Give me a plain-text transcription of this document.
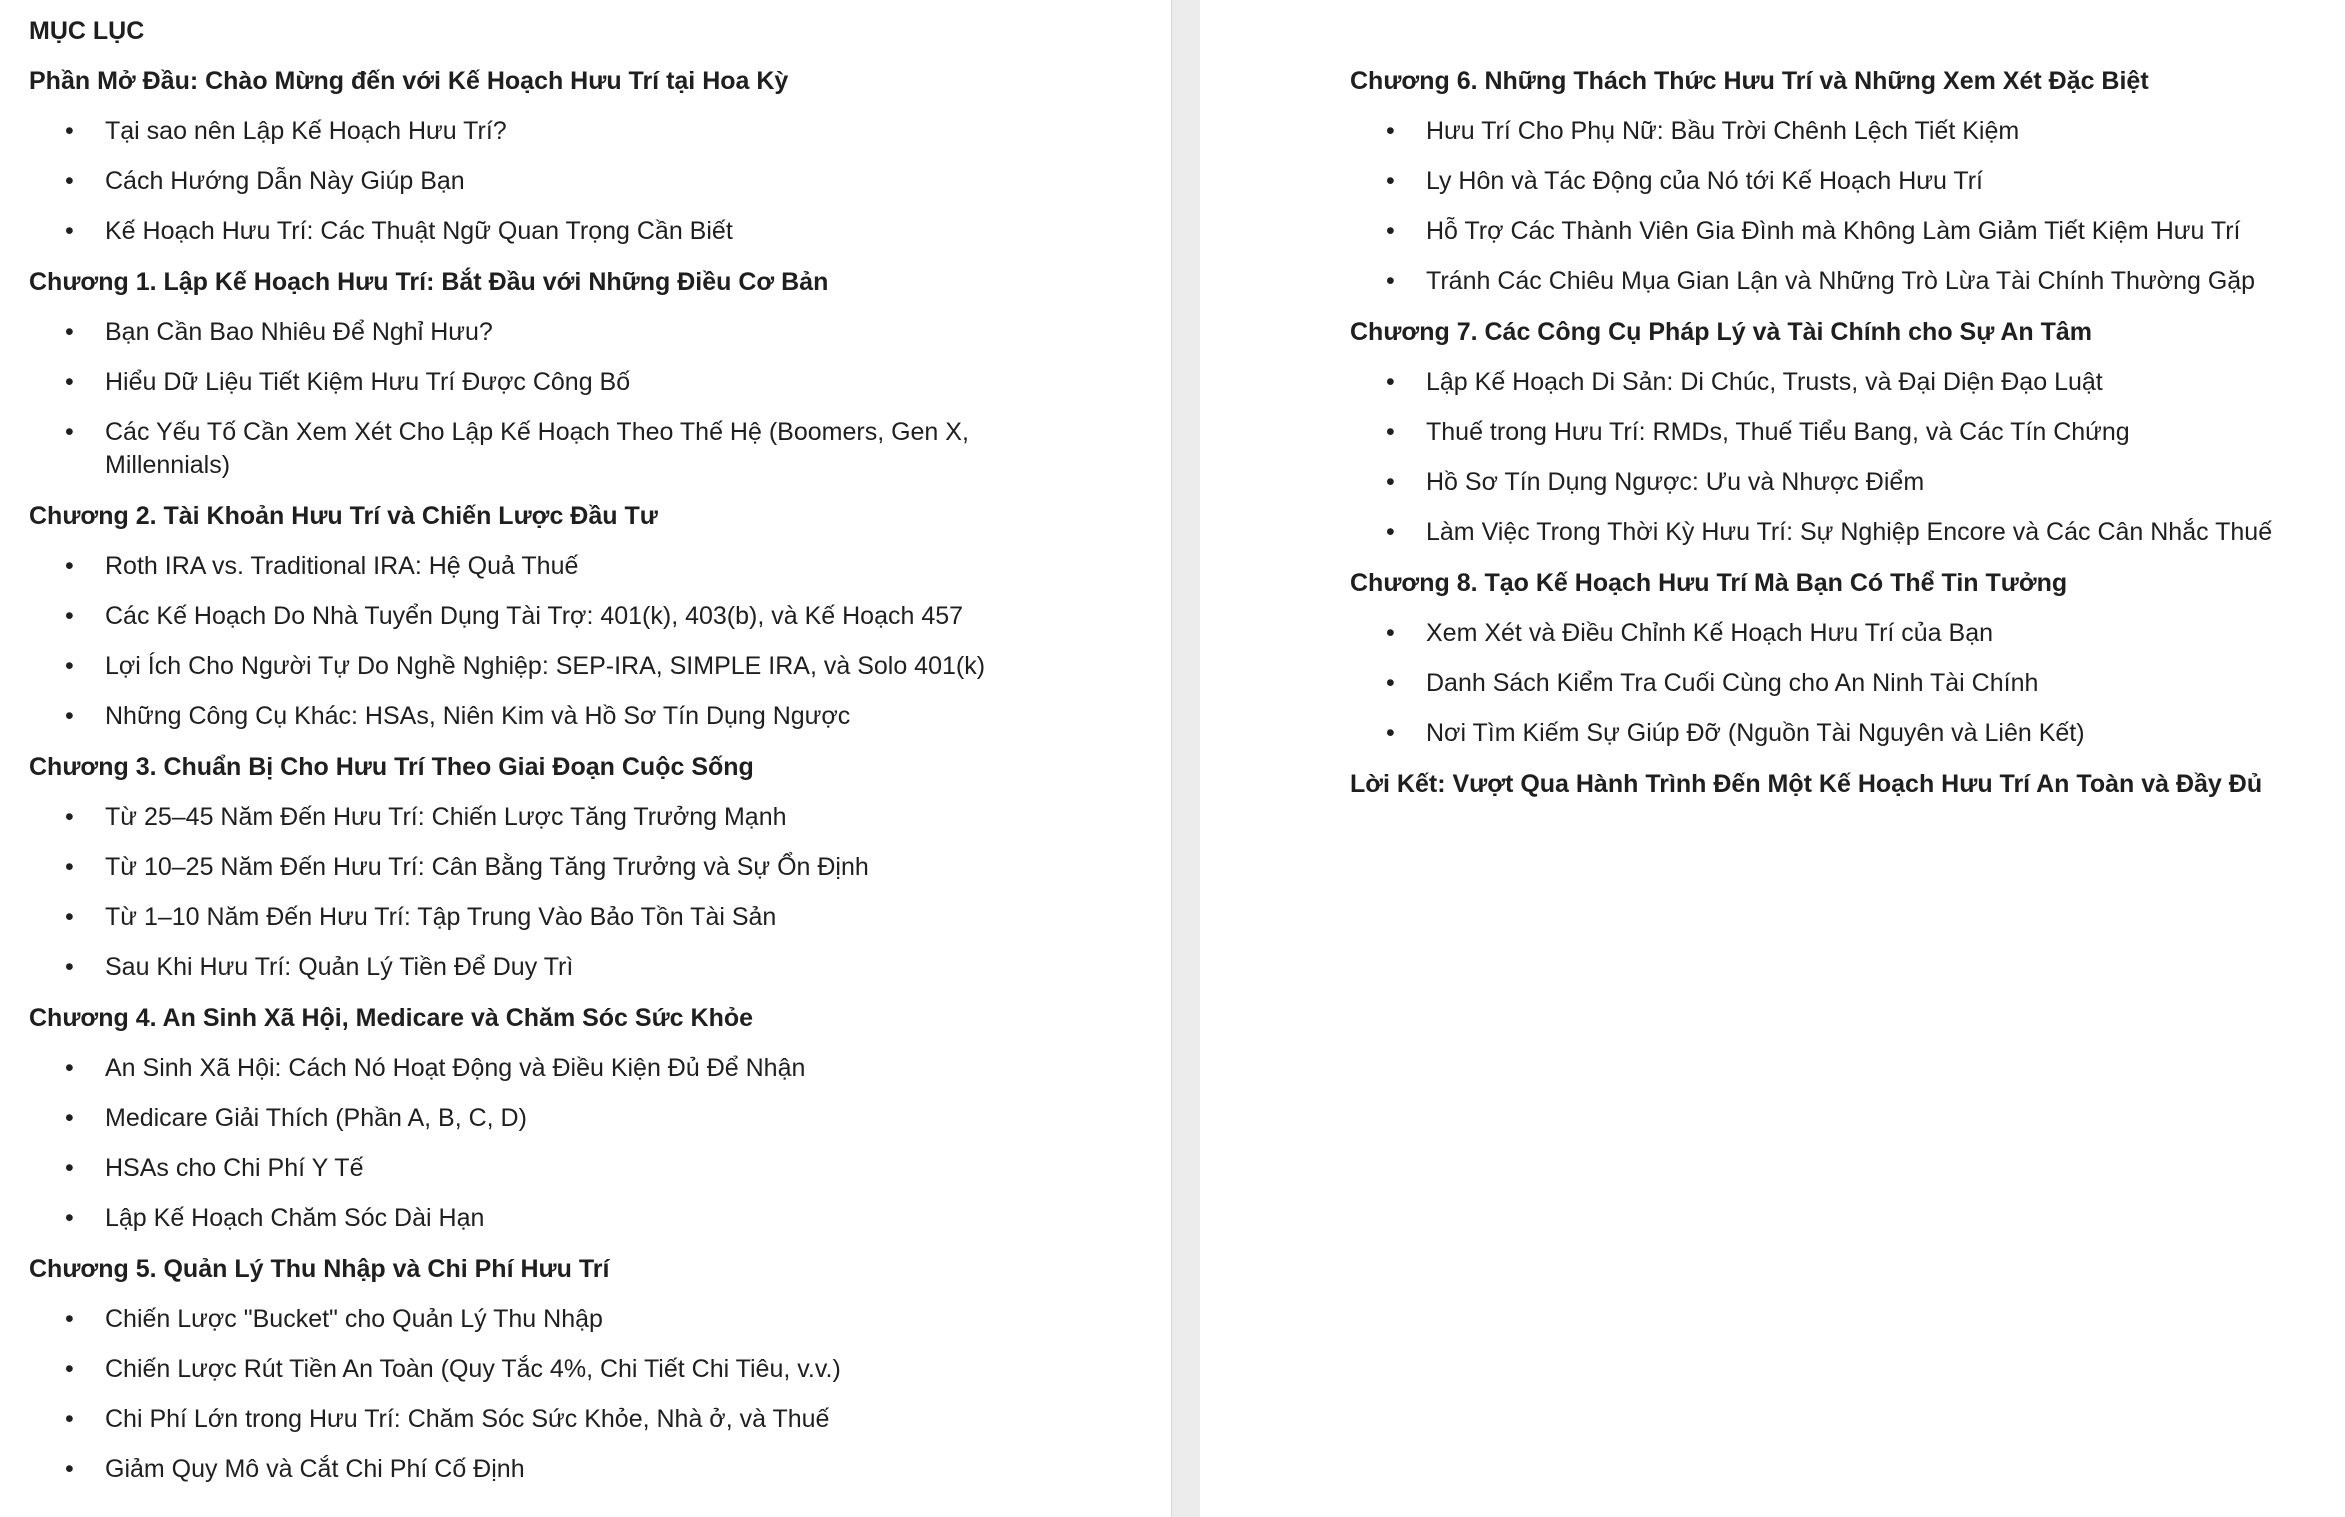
MỤC LỤC
Phần Mở Đầu: Chào Mừng đến với Kế Hoạch Hưu Trí tại Hoa Kỳ
• Tại sao nên Lập Kế Hoạch Hưu Trí?
• Cách Hướng Dẫn Này Giúp Bạn
• Kế Hoạch Hưu Trí: Các Thuật Ngữ Quan Trọng Cần Biết
Chương 1. Lập Kế Hoạch Hưu Trí: Bắt Đầu với Những Điều Cơ Bản
• Bạn Cần Bao Nhiêu Để Nghỉ Hưu?
• Hiểu Dữ Liệu Tiết Kiệm Hưu Trí Được Công Bố
• Các Yếu Tố Cần Xem Xét Cho Lập Kế Hoạch Theo Thế Hệ (Boomers, Gen X, Millennials)
Chương 2. Tài Khoản Hưu Trí và Chiến Lược Đầu Tư
• Roth IRA vs. Traditional IRA: Hệ Quả Thuế
• Các Kế Hoạch Do Nhà Tuyển Dụng Tài Trợ: 401(k), 403(b), và Kế Hoạch 457
• Lợi Ích Cho Người Tự Do Nghề Nghiệp: SEP-IRA, SIMPLE IRA, và Solo 401(k)
• Những Công Cụ Khác: HSAs, Niên Kim và Hồ Sơ Tín Dụng Ngược
Chương 3. Chuẩn Bị Cho Hưu Trí Theo Giai Đoạn Cuộc Sống
• Từ 25–45 Năm Đến Hưu Trí: Chiến Lược Tăng Trưởng Mạnh
• Từ 10–25 Năm Đến Hưu Trí: Cân Bằng Tăng Trưởng và Sự Ổn Định
• Từ 1–10 Năm Đến Hưu Trí: Tập Trung Vào Bảo Tồn Tài Sản
• Sau Khi Hưu Trí: Quản Lý Tiền Để Duy Trì
Chương 4. An Sinh Xã Hội, Medicare và Chăm Sóc Sức Khỏe
• An Sinh Xã Hội: Cách Nó Hoạt Động và Điều Kiện Đủ Để Nhận
• Medicare Giải Thích (Phần A, B, C, D)
• HSAs cho Chi Phí Y Tế
• Lập Kế Hoạch Chăm Sóc Dài Hạn
Chương 5. Quản Lý Thu Nhập và Chi Phí Hưu Trí
• Chiến Lược "Bucket" cho Quản Lý Thu Nhập
• Chiến Lược Rút Tiền An Toàn (Quy Tắc 4%, Chi Tiết Chi Tiêu, v.v.)
• Chi Phí Lớn trong Hưu Trí: Chăm Sóc Sức Khỏe, Nhà ở, và Thuế
• Giảm Quy Mô và Cắt Chi Phí Cố Định
Chương 6. Những Thách Thức Hưu Trí và Những Xem Xét Đặc Biệt
• Hưu Trí Cho Phụ Nữ: Bầu Trời Chênh Lệch Tiết Kiệm
• Ly Hôn và Tác Động của Nó tới Kế Hoạch Hưu Trí
• Hỗ Trợ Các Thành Viên Gia Đình mà Không Làm Giảm Tiết Kiệm Hưu Trí
• Tránh Các Chiêu Mụa Gian Lận và Những Trò Lừa Tài Chính Thường Gặp
Chương 7. Các Công Cụ Pháp Lý và Tài Chính cho Sự An Tâm
• Lập Kế Hoạch Di Sản: Di Chúc, Trusts, và Đại Diện Đạo Luật
• Thuế trong Hưu Trí: RMDs, Thuế Tiểu Bang, và Các Tín Chứng
• Hồ Sơ Tín Dụng Ngược: Ưu và Nhược Điểm
• Làm Việc Trong Thời Kỳ Hưu Trí: Sự Nghiệp Encore và Các Cân Nhắc Thuế
Chương 8. Tạo Kế Hoạch Hưu Trí Mà Bạn Có Thể Tin Tưởng
• Xem Xét và Điều Chỉnh Kế Hoạch Hưu Trí của Bạn
• Danh Sách Kiểm Tra Cuối Cùng cho An Ninh Tài Chính
• Nơi Tìm Kiếm Sự Giúp Đỡ (Nguồn Tài Nguyên và Liên Kết)
Lời Kết: Vượt Qua Hành Trình Đến Một Kế Hoạch Hưu Trí An Toàn và Đầy Đủ
